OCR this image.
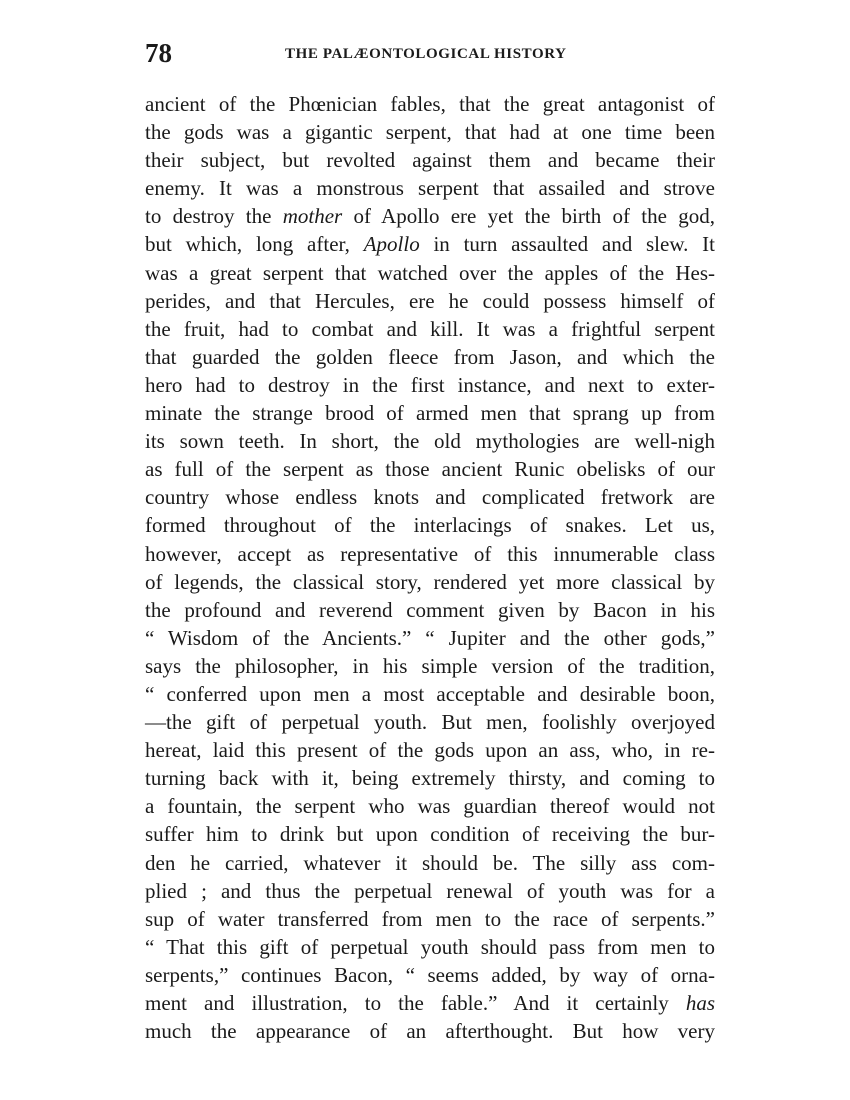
78	THE PALÆONTOLOGICAL HISTORY
ancient of the Phœnician fables, that the great antagonist of
the gods was a gigantic serpent, that had at one time been
their subject, but revolted against them and became their
enemy. It was a monstrous serpent that assailed and strove
to destroy the mother of Apollo ere yet the birth of the god,
but which, long after, Apollo in turn assaulted and slew. It
was a great serpent that watched over the apples of the Hes-
perides, and that Hercules, ere he could possess himself of
the fruit, had to combat and kill. It was a frightful serpent
that guarded the golden fleece from Jason, and which the
hero had to destroy in the first instance, and next to exter-
minate the strange brood of armed men that sprang up from
its sown teeth. In short, the old mythologies are well-nigh
as full of the serpent as those ancient Runic obelisks of our
country whose endless knots and complicated fretwork are
formed throughout of the interlacings of snakes. Let us,
however, accept as representative of this innumerable class
of legends, the classical story, rendered yet more classical by
the profound and reverend comment given by Bacon in his
“ Wisdom of the Ancients.” “ Jupiter and the other gods,”
says the philosopher, in his simple version of the tradition,
“ conferred upon men a most acceptable and desirable boon,
—the gift of perpetual youth. But men, foolishly overjoyed
hereat, laid this present of the gods upon an ass, who, in re-
turning back with it, being extremely thirsty, and coming to
a fountain, the serpent who was guardian thereof would not
suffer him to drink but upon condition of receiving the bur-
den he carried, whatever it should be. The silly ass com-
plied ; and thus the perpetual renewal of youth was for a
sup of water transferred from men to the race of serpents.”
“ That this gift of perpetual youth should pass from men to
serpents,” continues Bacon, “ seems added, by way of orna-
ment and illustration, to the fable.” And it certainly has
much the appearance of an afterthought. But how very
